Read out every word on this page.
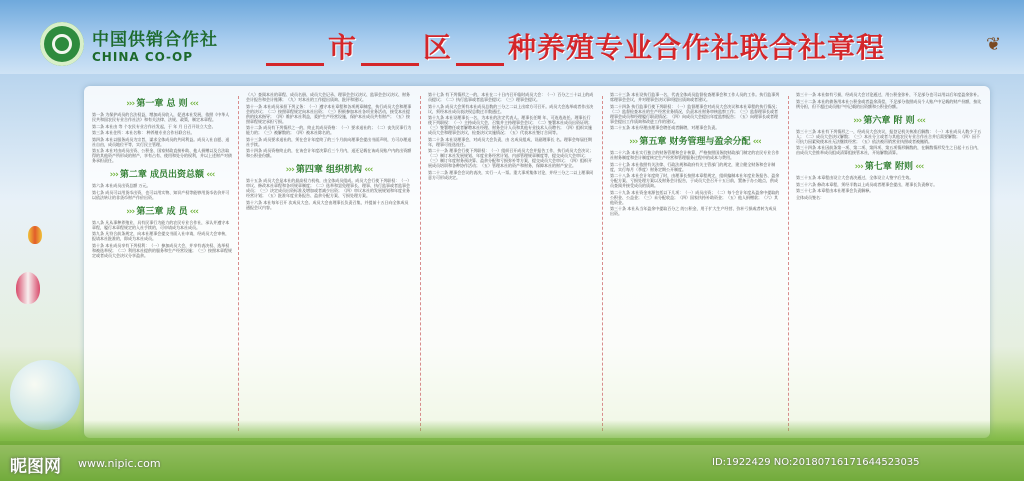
中国供销合作社
CHINA CO-OP	市 区 种养殖专业合作社联合社章程	❦
››› 第一章 总 则 ‹‹‹
第一条 为保护成员的合法权益，增加成员收入，促进本社发展，依照《中华人民共和国农民专业合作社法》和有关法律、法规、政策，制定本章程。
第二条 本社由 等 个农民专业合作社发起，于 年 月 日召开设立大会。
第三条 本社住所：本社名称： 种养殖专业合作社联合社。
第四条 本社以服务成员为宗旨，谋求全体成员的共同利益。成员入社自愿、退社自由，成员地位平等，实行民主管理。
第五条 本社对由成员出资、公积金、国家财政直接补助、他人捐赠以及合法取得的其他资产所形成的财产，享有占有、使用和处分的权利，并以上述财产对债务承担责任。
››› 第二章 成员出资总额 ‹‹‹
第六条 本社成员出资总额 万元。
第七条 成员可以用货币出资，也可以用实物、知识产权等能够用货币估价并可以依法转让的非货币财产作价出资。
››› 第三章 成 员 ‹‹‹
第八条 凡从事种养殖业，具有民事行为能力的农民专业合作社，承认并遵守本章程，履行本章程规定的入社手续的，可申请成为本社成员。
第九条 凡符合前条规定，向本社理事会提交书面入社申请，经成员大会审核，报请本社批准的，即成为本社成员。
第十条 本社成员享有下列权利：（一）参加成员大会，并享有表决权、选举权和被选举权；（二）利用本社提供的服务和生产经营设施；（三）按照本章程规定或者成员大会决议分享盈余。
（八）查阅本社的章程、成员名册、成员大会记录、理事会会议决议、监事会会议决议、财务会计报告和会计账簿；（九）对本社的工作提出质询、批评和建议。
第十一条 本社成员承担下列义务：（一）遵守本社章程和各项规章制度，执行成员大会和理事会的决议；（二）按照章程规定向本社出资；（三）积极参加本社各项业务活动，接受本社提供的技术指导；（四）维护本社利益，爱护生产经营设施，保护本社成员共有财产；（五）按照章程规定承担亏损。
第十二条 成员有下列情形之一的，终止其成员资格：（一）要求退社的；（二）丧失民事行为能力的；（三）被解散的；（四）被本社除名的。
第十三条 成员要求退社的，须在会计年度终了的三个月前向理事会提出书面声明，方可办理退社手续。
第十四条 成员资格终止的，在该会计年度决算后三个月内，退还记载在该成员账户内的出资额和公积金份额。
››› 第四章 组织机构 ‹‹‹
第十五条 成员大会是本社的最高权力机构，由全体成员组成。成员大会行使下列职权：（一）审议、修改本社章程和各项规章制度；（二）选举和罢免理事长、理事、执行监事或者监事会成员；（三）决定成员出资标准及增加或者减少出资；（四）审议本社的发展规划和年度业务经营计划；（五）批准年度业务报告、盈余分配方案、亏损处理方案。
第十六条 本社每年召开 次成员大会。成员大会由理事长负责召集，并提前十五日向全体成员通报会议内容。
第十七条 有下列情形之一的，本社在二十日内召开临时成员大会：（一）百分之三十以上的成员提议；（二）执行监事或者监事会提议；（三）理事会提议。
第十八条 成员大会须有本社成员总数的三分之二以上出席方可召开。成员大会选举或者作出决议，须经本社成员表决权总数过半数通过。
第十九条 本社设理事长一名，为本社的法定代表人。理事长任期 年，可连选连任。理事长行使下列职权：（一）主持成员大会，召集并主持理事会会议；（二）签署本社成员出资证明；（三）签署聘任或者解聘本社经理、财务会计人员和其他专业技术人员聘书；（四）组织实施成员大会和理事会决议，检查决议实施情况；（五）代表本社签订合同等。
第二十条 本社设理事会，对成员大会负责，由 名成员组成，设副理事长 名。理事会每届任期 年，理事可连选连任。
第二十一条 理事会行使下列职权：（一）组织召开成员大会并报告工作，执行成员大会决议；（二）制订本社发展规划、年度业务经营计划、内部管理规章制度等，提交成员大会审议；（三）制订年度财务预决算、盈余分配和亏损弥补等方案，提交成员大会审议；（四）组织开展成员培训和各种协作活动；（五）管理本社的资产和财务，保障本社的财产安全。
第二十二条 理事会会议的表决，实行一人一票。重大事项集体讨论，并经三分之二以上理事同意方可形成决定。
第二十三条 本社设执行监事一名，代表全体成员监督检查理事会和工作人员的工作。执行监事列席理事会会议，并对理事会决议事项提出质询或者建议。
第二十四条 执行监事行使下列职权：（一）监督理事会对成员大会决议和本社章程的执行情况；（二）监督检查本社的生产经营业务情况，负责本社财务审核监察工作；（三）监督理事长或者理事会成员和经理履行职责情况；（四）向成员大会提出年度监察报告；（五）向理事长或者理事会提出工作质询和改进工作的建议。
第二十五条 本社经理由理事会聘任或者解聘，对理事会负责。
››› 第五章 财务管理与盈余分配 ‹‹‹
第二十六条 本社实行独立的财务管理和会计核算，严格按照国务院财政部门制定的农民专业合作社财务制度和会计制度核定生产经营和管理服务过程中的成本与费用。
第二十七条 本社依照有关法律、行政法规和政府有关主管部门的规定，建立健全财务和会计制度，实行每月（季度）财务定期公开制度。
第二十八条 本社会计年度终了时，由理事长按照本章程规定，组织编制本社年度业务报告、盈余分配方案、亏损处理方案以及财务会计报告，于成员大会召开十五日前，置备于办公地点，供成员查阅并接受成员的质询。
第二十九条 本社资金来源包括以下几项：（一）成员出资；（二）每个会计年度从盈余中提取的公积金、公益金；（三）未分配收益；（四）国家扶持补助资金；（五）他人捐赠款；（六）其他资金。
第三十条 本社从当年盈余中提取百分之 的公积金，用于扩大生产经营、弥补亏损或者转为成员出资。
第三十一条 本社如有亏损，经成员大会讨论通过，用公积金弥补，不足部分也可以用以后年度盈余弥补。
第三十二条 本社的债务用本社公积金或者盈余清偿，不足部分依照成员个人账户中记载的财产份额，按比例分担，但不超过成员账户中记载的出资额和公积金份额。
››› 第六章 附 则 ‹‹‹
第三十三条 本社有下列情形之一，经成员大会决议，报登记机关核准后解散：（一）本社成员人数少于五人；（二）成员大会决议解散；（三）本社分立或者与其他农民专业合作社合并后需要解散；（四）因不可抗力因素致使本社无法继续经营；（五）依法被吊销营业执照或者被撤销。
第三十四条 本社因前条第一项、第二项、第四项、第五项情形解散的，在解散情形发生之日起十五日内，由成员大会推举成员组成清算组接管本社，开始解散清算。
››› 第七章 附则 ‹‹‹
第三十五条 本章程由设立大会表决通过，全体设立人签字后生效。
第三十六条 修改本章程，须经半数以上成员或者理事会提出，理事长负责修订。
第三十七条 本章程由本社理事会负责解释。
全体成员签名：
昵图网 www.nipic.com	ID:1922429 NO:20180716171644523035
